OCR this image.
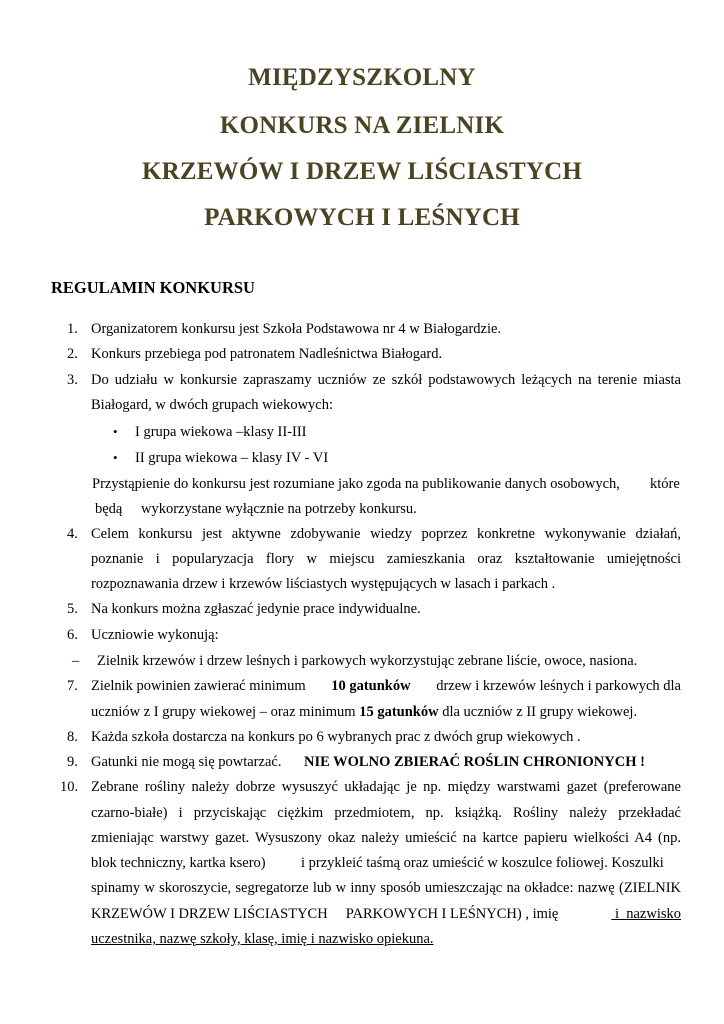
MIĘDZYSZKOLNY
KONKURS NA ZIELNIK
KRZEWÓW I DRZEW LIŚCIASTYCH
PARKOWYCH I LEŚNYCH
REGULAMIN KONKURSU
1. Organizatorem konkursu jest Szkoła Podstawowa nr 4 w Białogardzie.
2. Konkurs przebiega pod patronatem Nadleśnictwa Białogard.
3. Do udziału w konkursie zapraszamy uczniów ze szkół podstawowych leżących na terenie miasta
Białogard, w dwóch grupach wiekowych:
• I grupa wiekowa –klasy II-III
• II grupa wiekowa – klasy IV - VI
Przystąpienie do konkursu jest rozumiane jako zgoda na publikowanie danych osobowych, które
będą wykorzystane wyłącznie na potrzeby konkursu.
4. Celem konkursu jest aktywne zdobywanie wiedzy poprzez konkretne wykonywanie działań,
poznanie i popularyzacja flory w miejscu zamieszkania oraz kształtowanie umiejętności
rozpoznawania drzew i krzewów liściastych występujących w lasach i parkach .
5. Na konkurs można zgłaszać jedynie prace indywidualne.
6. Uczniowie wykonują:
– Zielnik krzewów i drzew leśnych i parkowych wykorzystując zebrane liście, owoce, nasiona.
7. Zielnik powinien zawierać minimum 10 gatunków drzew i krzewów leśnych i parkowych dla
uczniów z I grupy wiekowej – oraz minimum 15 gatunków dla uczniów z II grupy wiekowej.
8. Każda szkoła dostarcza na konkurs po 6 wybranych prac z dwóch grup wiekowych .
9. Gatunki nie mogą się powtarzać. NIE WOLNO ZBIERAĆ ROŚLIN CHRONIONYCH !
10. Zebrane rośliny należy dobrze wysuszyć układając je np. między warstwami gazet (preferowane
czarno-białe) i przyciskając ciężkim przedmiotem, np. książką. Rośliny należy przekładać
zmieniając warstwy gazet. Wysuszony okaz należy umieścić na kartce papieru wielkości A4 (np.
blok techniczny, kartka ksero) i przykleić taśmą oraz umieścić w koszulce foliowej. Koszulki
spinamy w skoroszycie, segregatorze lub w inny sposób umieszczając na okładce: nazwę (ZIELNIK
KRZEWÓW I DRZEW LIŚCIASTYCH     PARKOWYCH I LEŚNYCH) , imię	i  nazwisko
uczestnika, nazwę szkoły, klasę, imię i nazwisko opiekuna.
